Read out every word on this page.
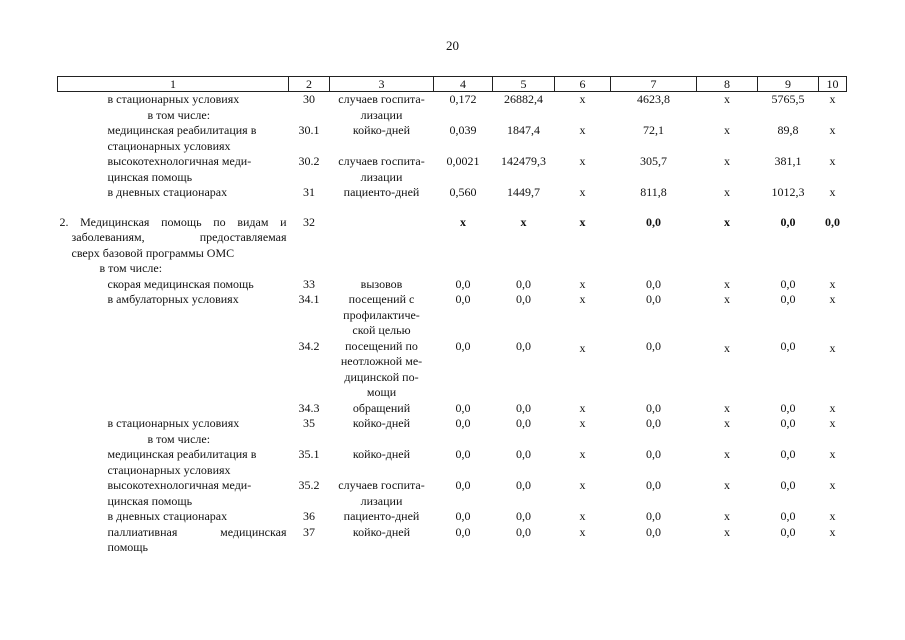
20
1	2	3	4	5	6	7	8	9	10

в стационарных условиях
в том числе:	30	случаев госпита-
лизации	0,172	26882,4	х	4623,8	х	5765,5	х

медицинская реабилитация в
стационарных условиях	30.1	койко-дней	0,039	1847,4	х	72,1	х	89,8	х

высокотехнологичная меди-
цинская помощь	30.2	случаев госпита-
лизации	0,0021	142479,3	х	305,7	х	381,1	х

в дневных стационарах	31	пациенто-дней	0,560	1449,7	х	811,8	х	1012,3	х

2. Медицинская помощь по видам и
заболеваниям, предоставляемая
сверх базовой программы ОМС
в том числе:	32		х	х	х	0,0	х	0,0	0,0

скорая медицинская помощь	33	вызовов	0,0	0,0	х	0,0	х	0,0	х

в амбулаторных условиях	34.1	посещений с
профилактиче-
ской целью	0,0	0,0	х	0,0	х	0,0	х
	34.2	посещений по
неотложной ме-
дицинской по-
мощи	0,0	0,0	х	0,0	х	0,0	х
	34.3	обращений	0,0	0,0	х	0,0	х	0,0	х

в стационарных условиях
в том числе:	35	койко-дней	0,0	0,0	х	0,0	х	0,0	х

медицинская реабилитация в
стационарных условиях	35.1	койко-дней	0,0	0,0	х	0,0	х	0,0	х

высокотехнологичная меди-
цинская помощь	35.2	случаев госпита-
лизации	0,0	0,0	х	0,0	х	0,0	х

в дневных стационарах	36	пациенто-дней	0,0	0,0	х	0,0	х	0,0	х

паллиативная медицинская
помощь	37	койко-дней	0,0	0,0	х	0,0	х	0,0	х
